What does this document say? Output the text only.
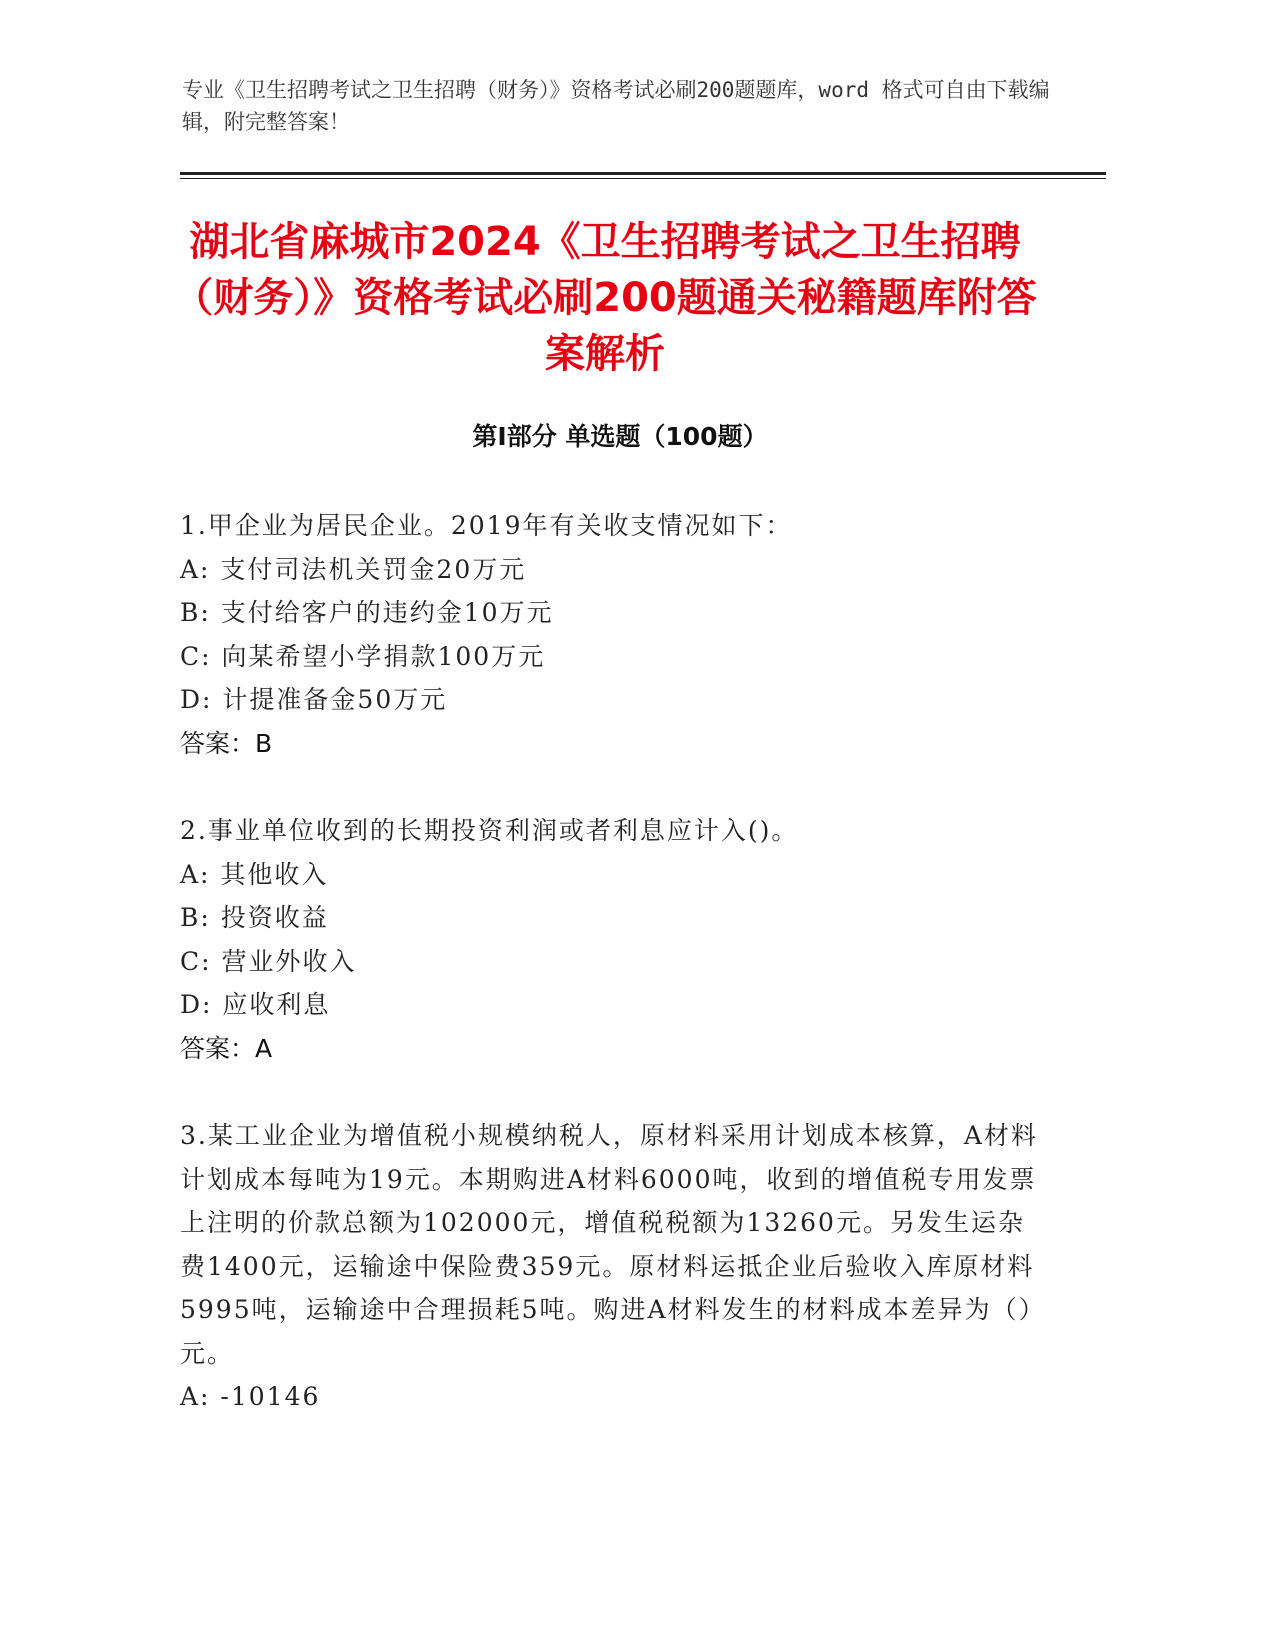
专业《卫生招聘考试之卫生招聘（财务）》资格考试必刷200题题库，word 格式可自由下载编辑，附完整答案！
湖北省麻城市2024《卫生招聘考试之卫生招聘（财务）》资格考试必刷200题通关秘籍题库附答案解析
第I部分 单选题（100题）
1.甲企业为居民企业。2019年有关收支情况如下：
A: 支付司法机关罚金20万元
B: 支付给客户的违约金10万元
C: 向某希望小学捐款100万元
D: 计提准备金50万元
答案：B
2.事业单位收到的长期投资利润或者利息应计入()。
A: 其他收入
B: 投资收益
C: 营业外收入
D: 应收利息
答案：A
3.某工业企业为增值税小规模纳税人，原材料采用计划成本核算，A材料计划成本每吨为19元。本期购进A材料6000吨，收到的增值税专用发票上注明的价款总额为102000元，增值税税额为13260元。另发生运杂费1400元，运输途中保险费359元。原材料运抵企业后验收入库原材料5995吨，运输途中合理损耗5吨。购进A材料发生的材料成本差异为（）元。
A: -10146
